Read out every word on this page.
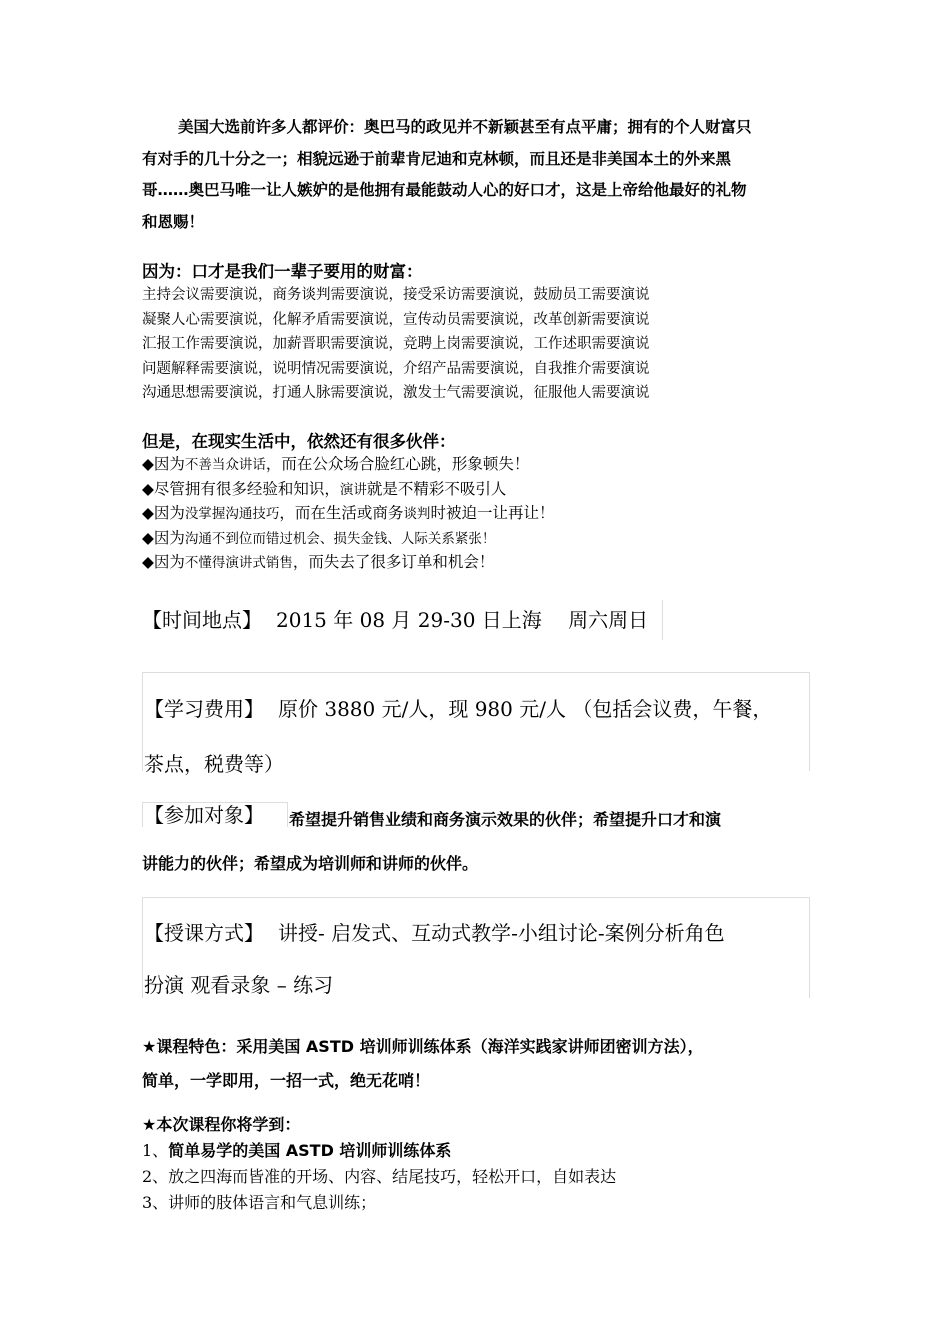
美国大选前许多人都评价：奥巴马的政见并不新颖甚至有点平庸；拥有的个人财富只
有对手的几十分之一；相貌远逊于前辈肯尼迪和克林顿，而且还是非美国本土的外来黑
哥……奥巴马唯一让人嫉妒的是他拥有最能鼓动人心的好口才，这是上帝给他最好的礼物
和恩赐！
因为：口才是我们一辈子要用的财富：
主持会议需要演说，商务谈判需要演说，接受采访需要演说，鼓励员工需要演说
凝聚人心需要演说，化解矛盾需要演说，宣传动员需要演说，改革创新需要演说
汇报工作需要演说，加薪晋职需要演说，竞聘上岗需要演说，工作述职需要演说
问题解释需要演说，说明情况需要演说，介绍产品需要演说，自我推介需要演说
沟通思想需要演说，打通人脉需要演说，激发士气需要演说，征服他人需要演说
但是，在现实生活中，依然还有很多伙伴：
◆因为不善当众讲话，而在公众场合脸红心跳，形象顿失！
◆尽管拥有很多经验和知识，演讲就是不精彩不吸引人
◆因为没掌握沟通技巧，而在生活或商务谈判时被迫一让再让！
◆因为沟通不到位而错过机会、损失金钱、人际关系紧张！
◆因为不懂得演讲式销售，而失去了很多订单和机会！
【时间地点】 2015 年 08 月 29-30 日上海　 周六周日
【学习费用】 原价 3880 元/人，现 980 元/人 （包括会议费，午餐，
茶点，税费等）
【参加对象】 希望提升销售业绩和商务演示效果的伙伴；希望提升口才和演
讲能力的伙伴；希望成为培训师和讲师的伙伴。
【授课方式】 讲授- 启发式、互动式教学-小组讨论-案例分析角色
扮演 观看录象 – 练习
★课程特色：采用美国 ASTD 培训师训练体系（海洋实践家讲师团密训方法），
简单，一学即用，一招一式，绝无花哨！
★本次课程你将学到：
1、简单易学的美国 ASTD 培训师训练体系
2、放之四海而皆准的开场、内容、结尾技巧，轻松开口，自如表达
3、讲师的肢体语言和气息训练；
